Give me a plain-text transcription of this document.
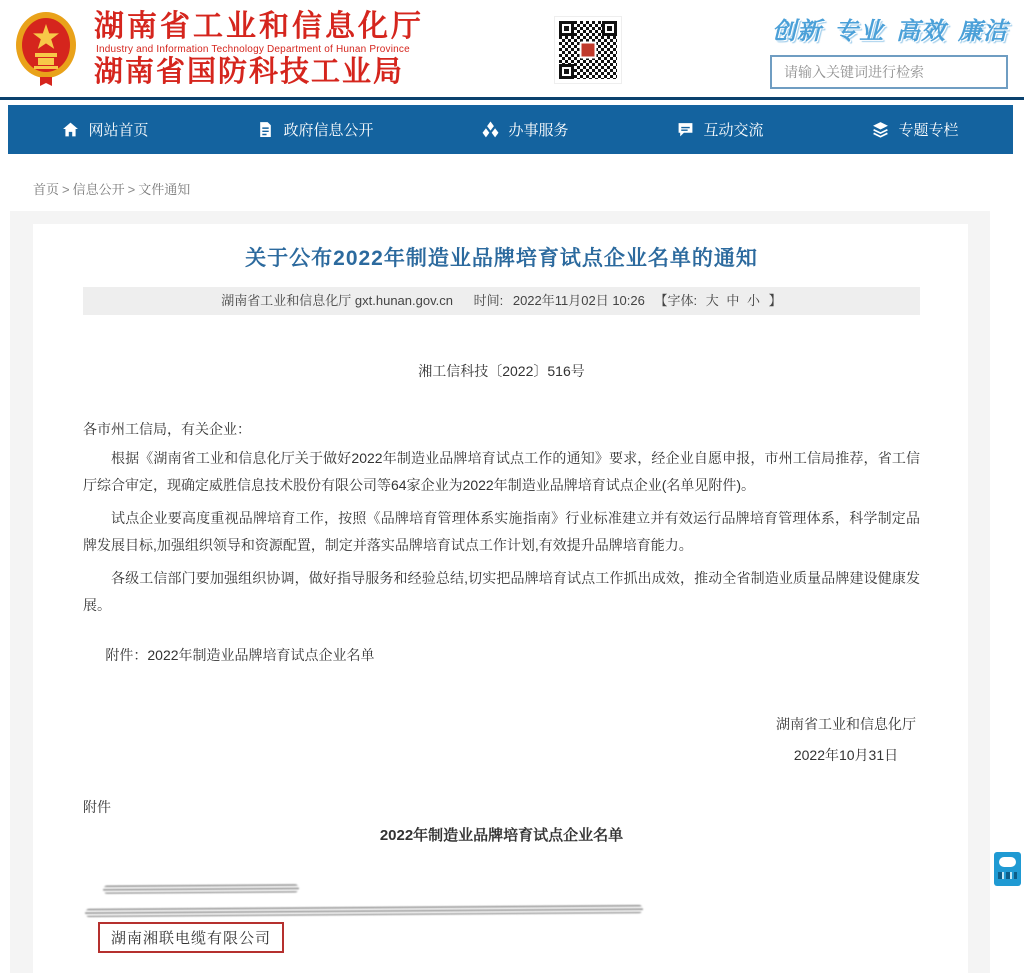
湖南省工业和信息化厅
Industry and Information Technology Department of Hunan Province
湖南省国防科技工业局
创新 专业 高效 廉洁
请输入关键词进行检索
网站首页	政府信息公开	办事服务	互动交流	专题专栏
首页 > 信息公开 > 文件通知
关于公布2022年制造业品牌培育试点企业名单的通知
湖南省工业和信息化厅 gxt.hunan.gov.cn 时间: 2022年11月02日 10:26 【字体: 大 中 小 】
湘工信科技〔2022〕516号
各市州工信局，有关企业：

根据《湖南省工业和信息化厅关于做好2022年制造业品牌培育试点工作的通知》要求，经企业自愿申报，市州工信局推荐，省工信厅综合审定，现确定威胜信息技术股份有限公司等64家企业为2022年制造业品牌培育试点企业(名单见附件)。

试点企业要高度重视品牌培育工作，按照《品牌培育管理体系实施指南》行业标准建立并有效运行品牌培育管理体系，科学制定品牌发展目标,加强组织领导和资源配置，制定并落实品牌培育试点工作计划,有效提升品牌培育能力。

各级工信部门要加强组织协调，做好指导服务和经验总结,切实把品牌培育试点工作抓出成效，推动全省制造业质量品牌建设健康发展。

附件：2022年制造业品牌培育试点企业名单
湖南省工业和信息化厅
2022年10月31日
附件
2022年制造业品牌培育试点企业名单
湖南湘联电缆有限公司
